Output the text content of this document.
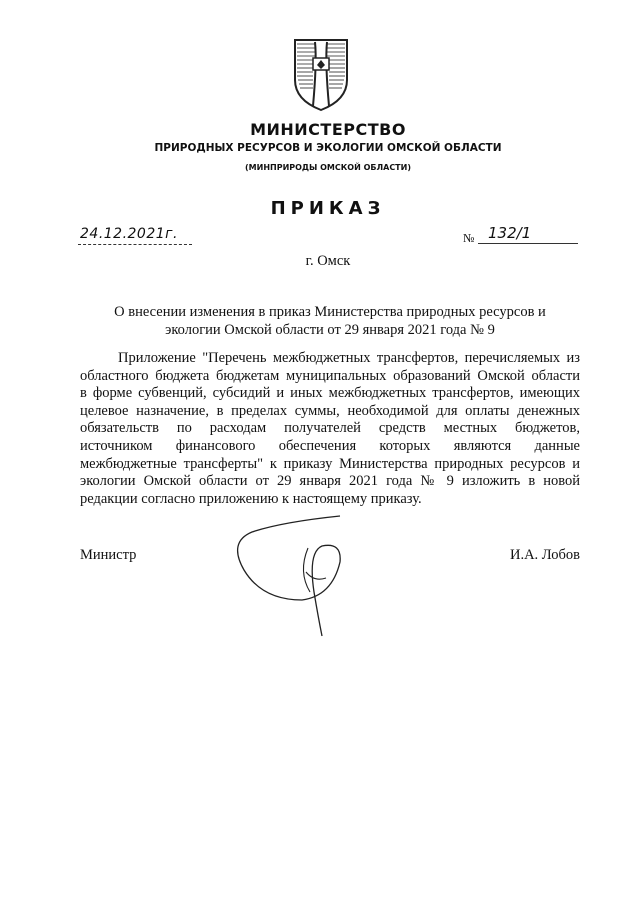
МИНИСТЕРСТВО
ПРИРОДНЫХ РЕСУРСОВ И ЭКОЛОГИИ ОМСКОЙ ОБЛАСТИ
(МИНПРИРОДЫ ОМСКОЙ ОБЛАСТИ)
ПРИКАЗ
24.12.2021г.	№ 132/1
г. Омск
О внесении изменения в приказ Министерства природных ресурсов и
экологии Омской области от 29 января 2021 года № 9
Приложение "Перечень межбюджетных трансфертов, перечисляемых из
областного бюджета бюджетам муниципальных образований Омской области
в форме субвенций, субсидий и иных межбюджетных трансфертов, имеющих
целевое назначение, в пределах суммы, необходимой для оплаты денежных
обязательств по расходам получателей средств местных бюджетов,
источником финансового обеспечения которых являются данные
межбюджетные трансферты" к приказу Министерства природных ресурсов и
экологии Омской области от 29 января 2021 года № 9 изложить в новой
редакции согласно приложению к настоящему приказу.
Министр	И.А. Лобов
